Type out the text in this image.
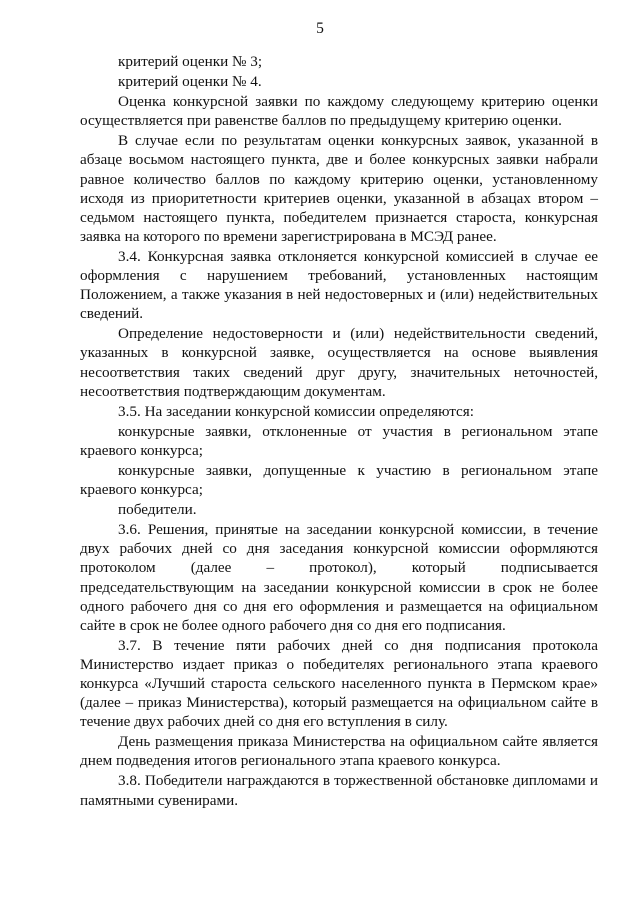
5

критерий оценки № 3;

критерий оценки № 4.

Оценка конкурсной заявки по каждому следующему критерию оценки осуществляется при равенстве баллов по предыдущему критерию оценки.

В случае если по результатам оценки конкурсных заявок, указанной в абзаце восьмом настоящего пункта, две и более конкурсных заявки набрали равное количество баллов по каждому критерию оценки, установленному исходя из приоритетности критериев оценки, указанной в абзацах втором – седьмом настоящего пункта, победителем признается староста, конкурсная заявка на которого по времени зарегистрирована в МСЭД ранее.

3.4. Конкурсная заявка отклоняется конкурсной комиссией в случае ее оформления с нарушением требований, установленных настоящим Положением, а также указания в ней недостоверных и (или) недействительных сведений.

Определение недостоверности и (или) недействительности сведений, указанных в конкурсной заявке, осуществляется на основе выявления несоответствия таких сведений друг другу, значительных неточностей, несоответствия подтверждающим документам.

3.5. На заседании конкурсной комиссии определяются:

конкурсные заявки, отклоненные от участия в региональном этапе краевого конкурса;

конкурсные заявки, допущенные к участию в региональном этапе краевого конкурса;

победители.

3.6. Решения, принятые на заседании конкурсной комиссии, в течение двух рабочих дней со дня заседания конкурсной комиссии оформляются протоколом (далее – протокол), который подписывается председательствующим на заседании конкурсной комиссии в срок не более одного рабочего дня со дня его оформления и размещается на официальном сайте в срок не более одного рабочего дня со дня его подписания.

3.7. В течение пяти рабочих дней со дня подписания протокола Министерство издает приказ о победителях регионального этапа краевого конкурса «Лучший староста сельского населенного пункта в Пермском крае» (далее – приказ Министерства), который размещается на официальном сайте в течение двух рабочих дней со дня его вступления в силу.

День размещения приказа Министерства на официальном сайте является днем подведения итогов регионального этапа краевого конкурса.

3.8. Победители награждаются в торжественной обстановке дипломами и памятными сувенирами.
